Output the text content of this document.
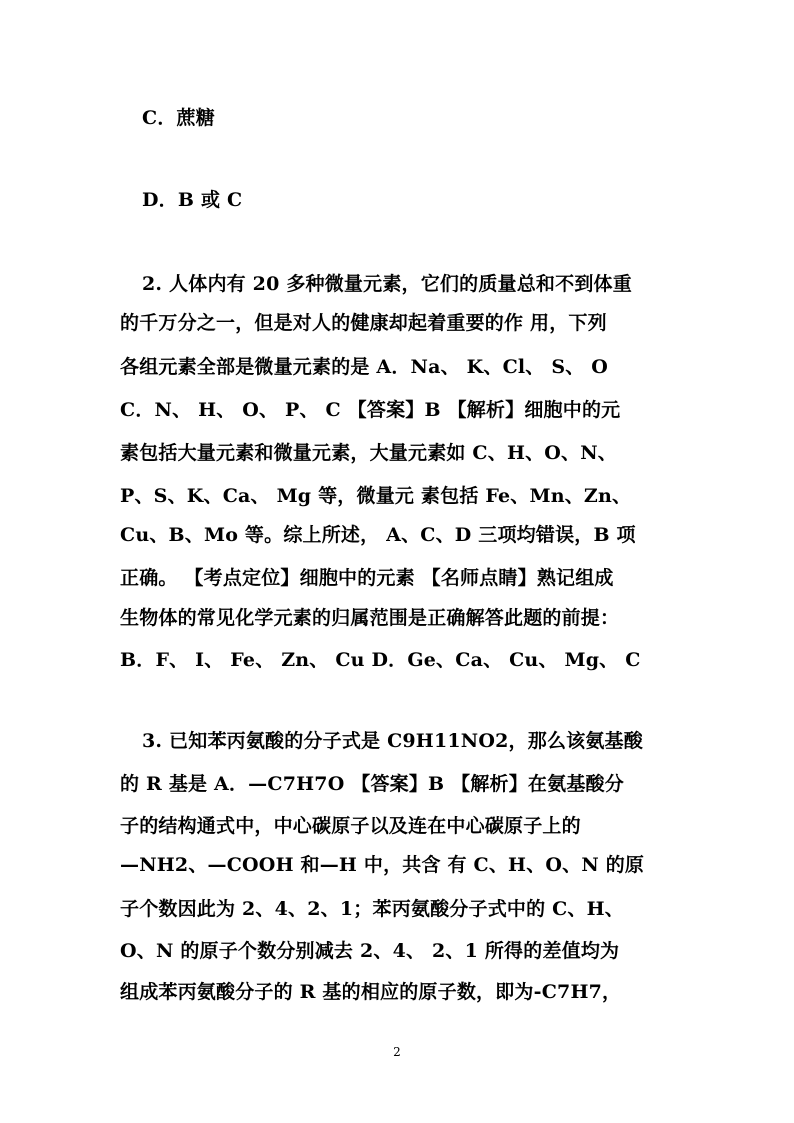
C．蔗糖
D．B 或 C
2. 人体内有 20 多种微量元素，它们的质量总和不到体重
的千万分之一，但是对人的健康却起着重要的作 用，下列
各组元素全部是微量元素的是 A．Na、 K、Cl、 S、 O
C．N、 H、 O、 P、 C 【答案】B 【解析】细胞中的元
素包括大量元素和微量元素，大量元素如 C、H、O、N、
P、S、K、Ca、 Mg 等，微量元 素包括 Fe、Mn、Zn、
Cu、B、Mo 等。综上所述， A、C、D 三项均错误，B 项
正确。 【考点定位】细胞中的元素 【名师点睛】熟记组成
生物体的常见化学元素的归属范围是正确解答此题的前提：
B．F、 I、 Fe、 Zn、 Cu D．Ge、Ca、 Cu、 Mg、 C
3. 已知苯丙氨酸的分子式是 C9H11NO2，那么该氨基酸
的 R 基是 A．—C7H7O 【答案】B 【解析】在氨基酸分
子的结构通式中，中心碳原子以及连在中心碳原子上的
—NH2、—COOH 和—H 中，共含 有 C、H、O、N 的原
子个数因此为 2、4、2、1；苯丙氨酸分子式中的 C、H、
O、N 的原子个数分别减去 2、4、 2、1 所得的差值均为
组成苯丙氨酸分子的 R 基的相应的原子数，即为-C7H7，
2
